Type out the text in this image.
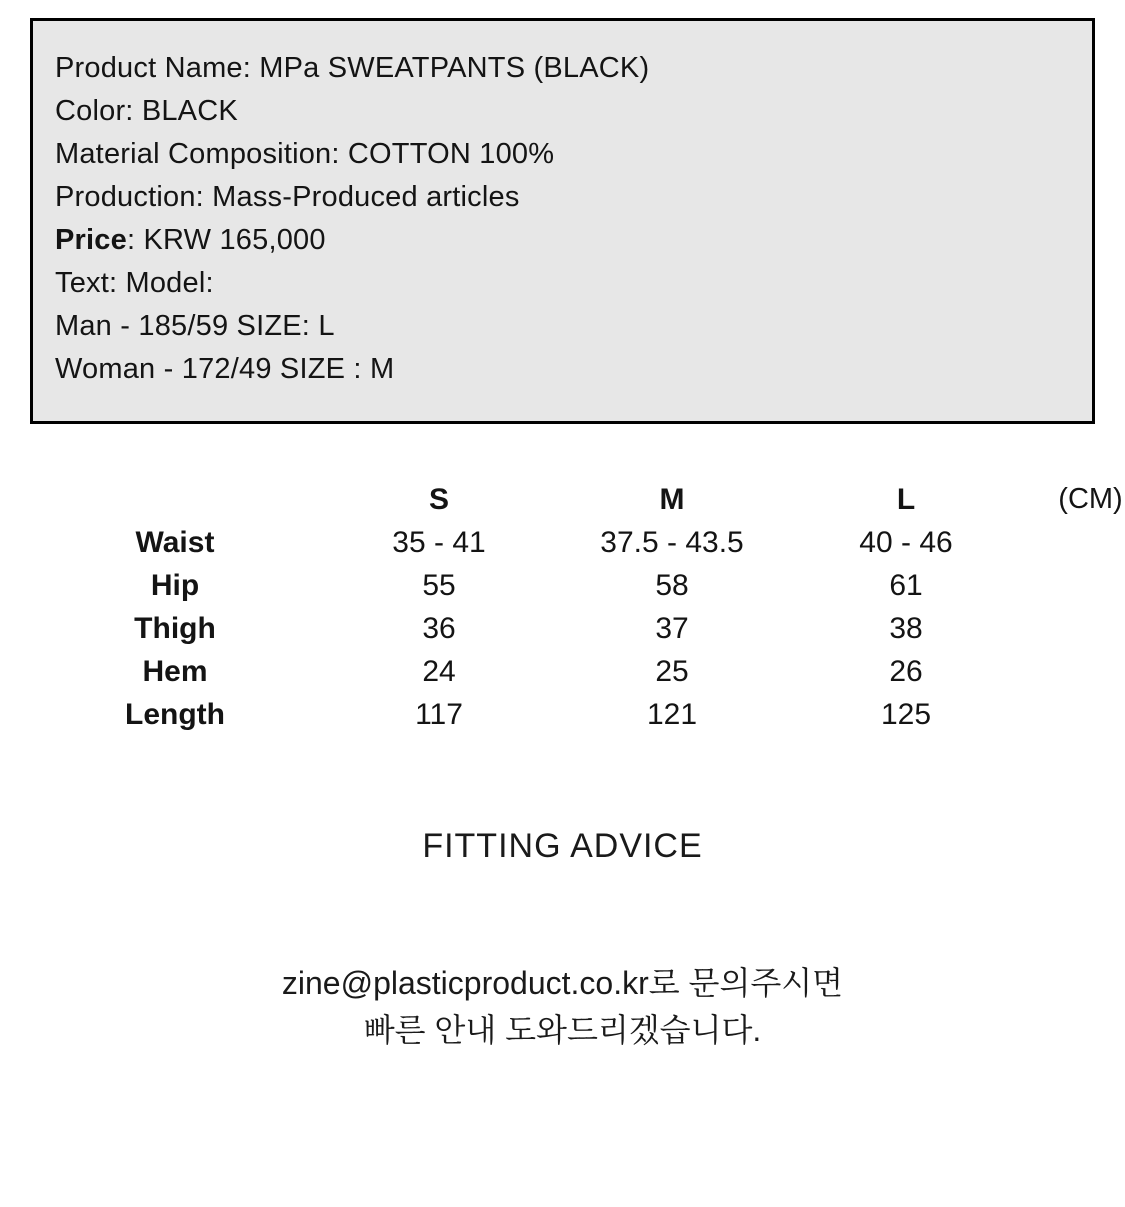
Product Name: MPa SWEATPANTS (BLACK)
Color: BLACK
Material Composition: COTTON 100%
Production: Mass-Produced articles
Price: KRW 165,000
Text: Model:
Man - 185/59 SIZE: L
Woman - 172/49 SIZE : M
	S	M	L	(CM)
Waist	35 - 41	37.5 - 43.5	40 - 46	
Hip	55	58	61	
Thigh	36	37	38	
Hem	24	25	26	
Length	117	121	125	
FITTING ADVICE
zine@plasticproduct.co.kr로 문의주시면
빠른 안내 도와드리겠습니다.
